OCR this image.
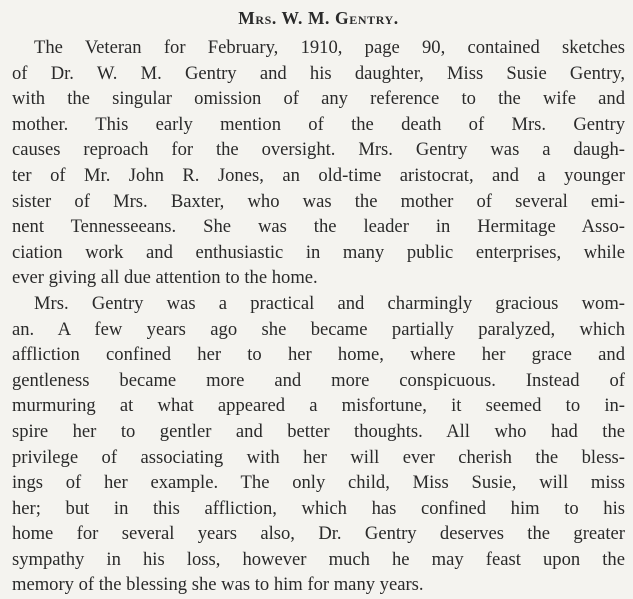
Mrs. W. M. Gentry.
The Veteran for February, 1910, page 90, contained sketches
of Dr. W. M. Gentry and his daughter, Miss Susie Gentry,
with the singular omission of any reference to the wife and
mother. This early mention of the death of Mrs. Gentry
causes reproach for the oversight. Mrs. Gentry was a daugh-
ter of Mr. John R. Jones, an old-time aristocrat, and a younger
sister of Mrs. Baxter, who was the mother of several emi-
nent Tennesseeans. She was the leader in Hermitage Asso-
ciation work and enthusiastic in many public enterprises, while
ever giving all due attention to the home.
Mrs. Gentry was a practical and charmingly gracious wom-
an. A few years ago she became partially paralyzed, which
affliction confined her to her home, where her grace and
gentleness became more and more conspicuous. Instead of
murmuring at what appeared a misfortune, it seemed to in-
spire her to gentler and better thoughts. All who had the
privilege of associating with her will ever cherish the bless-
ings of her example. The only child, Miss Susie, will miss
her; but in this affliction, which has confined him to his
home for several years also, Dr. Gentry deserves the greater
sympathy in his loss, however much he may feast upon the
memory of the blessing she was to him for many years.
